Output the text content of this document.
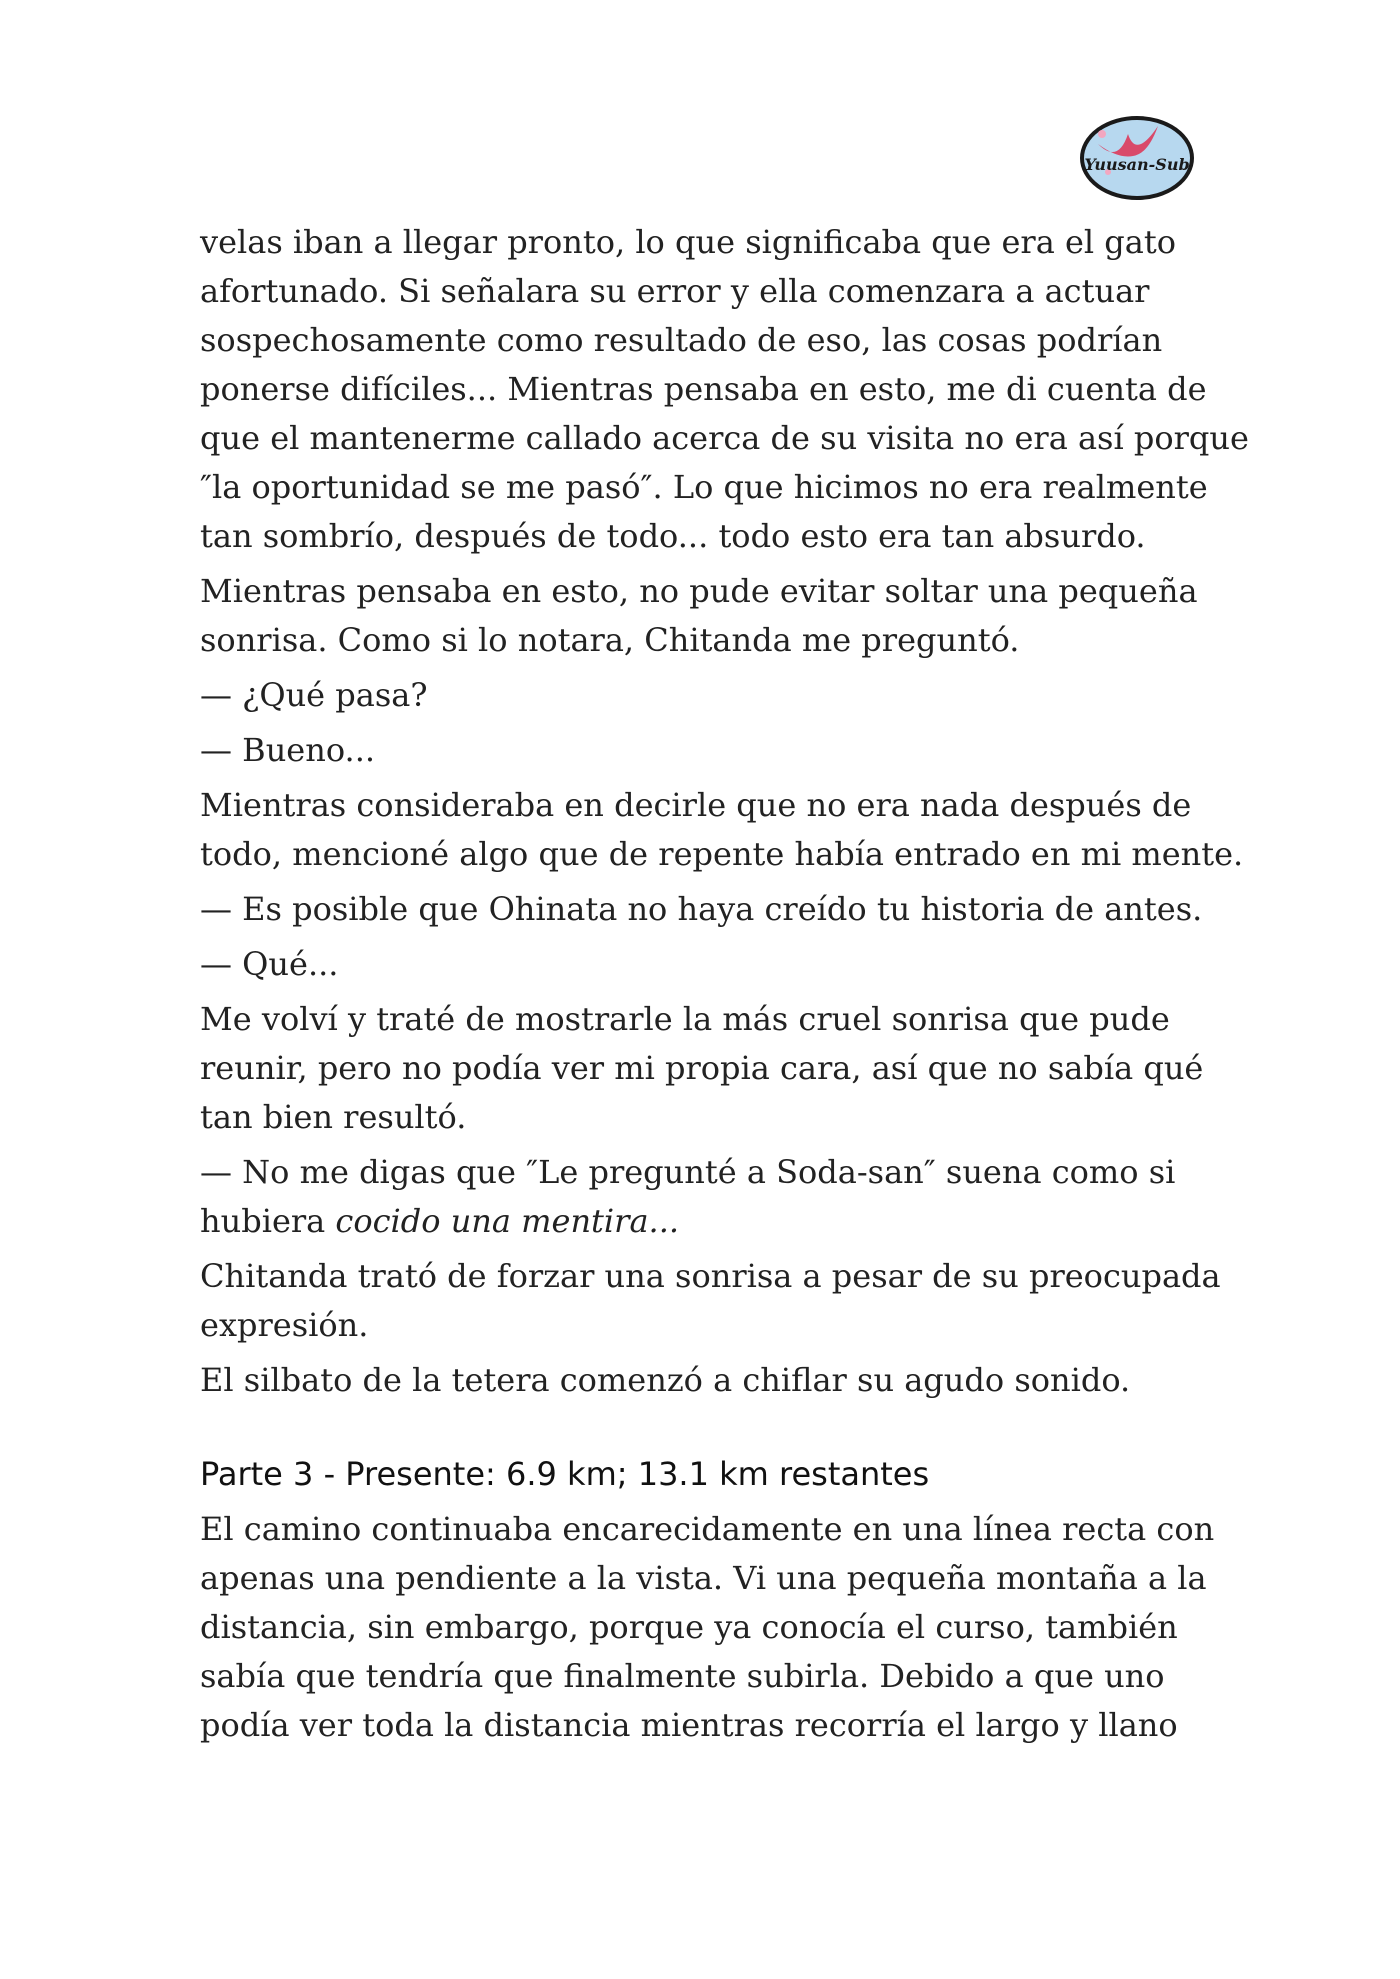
Yuusan-Sub
velas iban a llegar pronto, lo que significaba que era el gato
afortunado. Si señalara su error y ella comenzara a actuar
sospechosamente como resultado de eso, las cosas podrían
ponerse difíciles... Mientras pensaba en esto, me di cuenta de
que el mantenerme callado acerca de su visita no era así porque
″la oportunidad se me pasó″. Lo que hicimos no era realmente
tan sombrío, después de todo... todo esto era tan absurdo.
Mientras pensaba en esto, no pude evitar soltar una pequeña
sonrisa. Como si lo notara, Chitanda me preguntó.
— ¿Qué pasa?
— Bueno...
Mientras consideraba en decirle que no era nada después de
todo, mencioné algo que de repente había entrado en mi mente.
— Es posible que Ohinata no haya creído tu historia de antes.
— Qué...
Me volví y traté de mostrarle la más cruel sonrisa que pude
reunir, pero no podía ver mi propia cara, así que no sabía qué
tan bien resultó.
— No me digas que ″Le pregunté a Soda-san″ suena como si
hubiera cocido una mentira...
Chitanda trató de forzar una sonrisa a pesar de su preocupada
expresión.
El silbato de la tetera comenzó a chiflar su agudo sonido.
Parte 3 - Presente: 6.9 km; 13.1 km restantes
El camino continuaba encarecidamente en una línea recta con
apenas una pendiente a la vista. Vi una pequeña montaña a la
distancia, sin embargo, porque ya conocía el curso, también
sabía que tendría que finalmente subirla. Debido a que uno
podía ver toda la distancia mientras recorría el largo y llano
